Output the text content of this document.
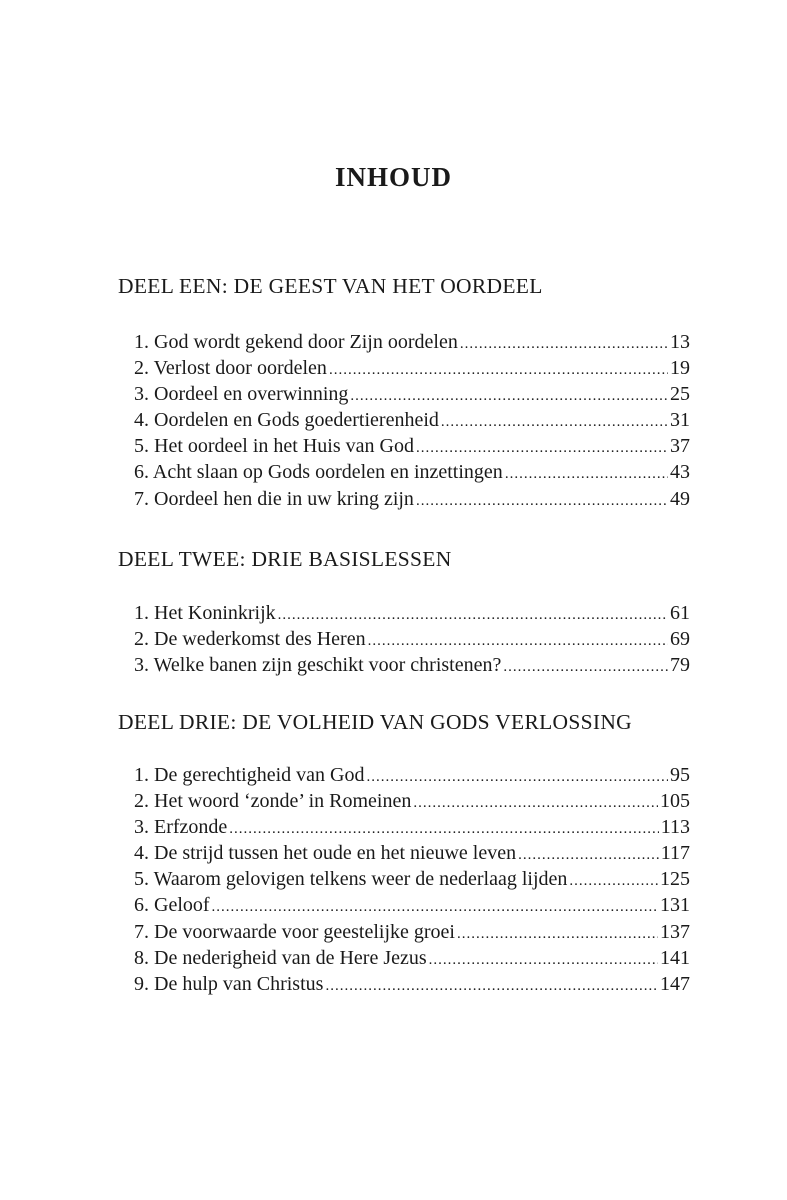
INHOUD
DEEL EEN: DE GEEST VAN HET OORDEEL
1. God wordt gekend door Zijn oordelen .....	13
2. Verlost door oordelen .....	19
3. Oordeel en overwinning .....	25
4. Oordelen en Gods goedertierenheid .....	31
5. Het oordeel in het Huis van God .....	37
6. Acht slaan op Gods oordelen en inzettingen .....	43
7. Oordeel hen die in uw kring zijn .....	49
DEEL TWEE: DRIE BASISLESSEN
1. Het Koninkrijk .....	61
2. De wederkomst des Heren .....	69
3. Welke banen zijn geschikt voor christenen? .....	79
DEEL DRIE: DE VOLHEID VAN GODS VERLOSSING
1. De gerechtigheid van God .....	95
2. Het woord ‘zonde’ in Romeinen .....	105
3. Erfzonde .....	113
4. De strijd tussen het oude en het nieuwe leven .....	117
5. Waarom gelovigen telkens weer de nederlaag lijden .....	125
6. Geloof .....	131
7. De voorwaarde voor geestelijke groei .....	137
8. De nederigheid van de Here Jezus .....	141
9. De hulp van Christus .....	147
